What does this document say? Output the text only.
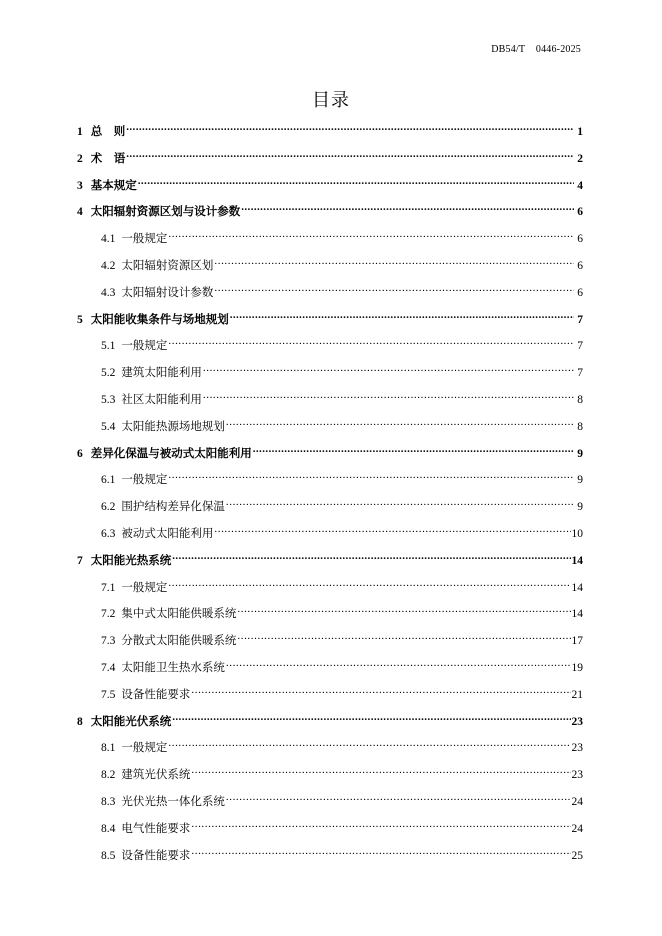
DB54/T    0446-2025
目录
1 总　则 .....	1
2 术　语 .....	2
3 基本规定 .....	4
4 太阳辐射资源区划与设计参数 .....	6
4.1 一般规定 .....	6
4.2 太阳辐射资源区划 .....	6
4.3 太阳辐射设计参数 .....	6
5 太阳能收集条件与场地规划 .....	7
5.1 一般规定 .....	7
5.2 建筑太阳能利用 .....	7
5.3 社区太阳能利用 .....	8
5.4 太阳能热源场地规划 .....	8
6 差异化保温与被动式太阳能利用 .....	9
6.1 一般规定 .....	9
6.2 围护结构差异化保温 .....	9
6.3 被动式太阳能利用 .....	10
7 太阳能光热系统 .....	14
7.1 一般规定 .....	14
7.2 集中式太阳能供暖系统 .....	14
7.3 分散式太阳能供暖系统 .....	17
7.4 太阳能卫生热水系统 .....	19
7.5 设备性能要求 .....	21
8 太阳能光伏系统 .....	23
8.1 一般规定 .....	23
8.2 建筑光伏系统 .....	23
8.3 光伏光热一体化系统 .....	24
8.4 电气性能要求 .....	24
8.5 设备性能要求 .....	25
